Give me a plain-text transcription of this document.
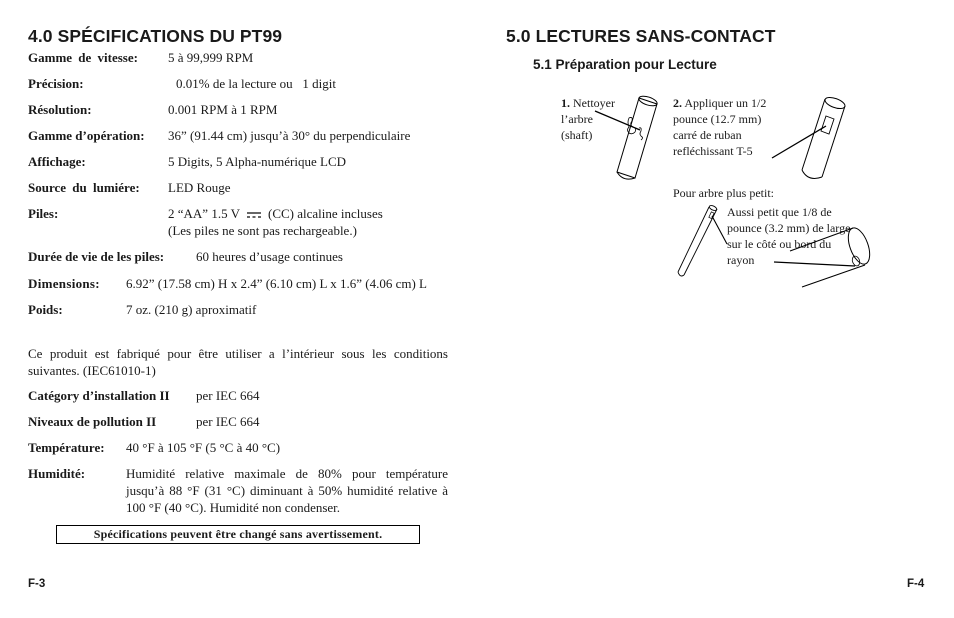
4.0 SPÉCIFICATIONS DU PT99
Gamme de vitesse: 5 à 99,999 RPM
Précision:	0.01% de la lecture ou   1 digit
Résolution:	0.001 RPM à 1 RPM
Gamme d’opération: 36” (91.44 cm) jusqu’à 30° du perpendiculaire
Affichage:	5 Digits, 5 Alpha-numérique LCD
Source du lumiére: LED Rouge
Piles:	2 “AA” 1.5 V (CC) alcaline incluses
(Les piles ne sont pas rechargeable.)
Durée de vie de les piles: 60 heures d’usage continues
Dimensions: 6.92” (17.58 cm) H x 2.4” (6.10 cm) L x 1.6” (4.06 cm) L
Poids:	7 oz. (210 g) aproximatif
Ce produit est fabriqué pour être utiliser a l’intérieur sous les conditions suivantes. (IEC61010-1)
Catégory d’installation II per IEC 664
Niveaux de pollution II	per IEC 664
Température: 40 °F à 105 °F (5 °C à 40 °C)
Humidité:	Humidité relative maximale de 80% pour température jusqu’à 88 °F (31 °C) diminuant à 50% humidité relative à 100 °F (40 °C). Humidité non condenser.
Spécifications peuvent être changé sans avertissement.
F-3
5.0 LECTURES SANS-CONTACT
5.1 Préparation pour Lecture
1. Nettoyer
l’arbre
(shaft)
2. Appliquer un 1/2
pounce (12.7 mm)
carré de ruban
refléchissant T-5
Pour arbre plus petit:
Aussi petit que 1/8 de
pounce (3.2 mm) de large
sur le côté ou bord du
rayon
F-4
